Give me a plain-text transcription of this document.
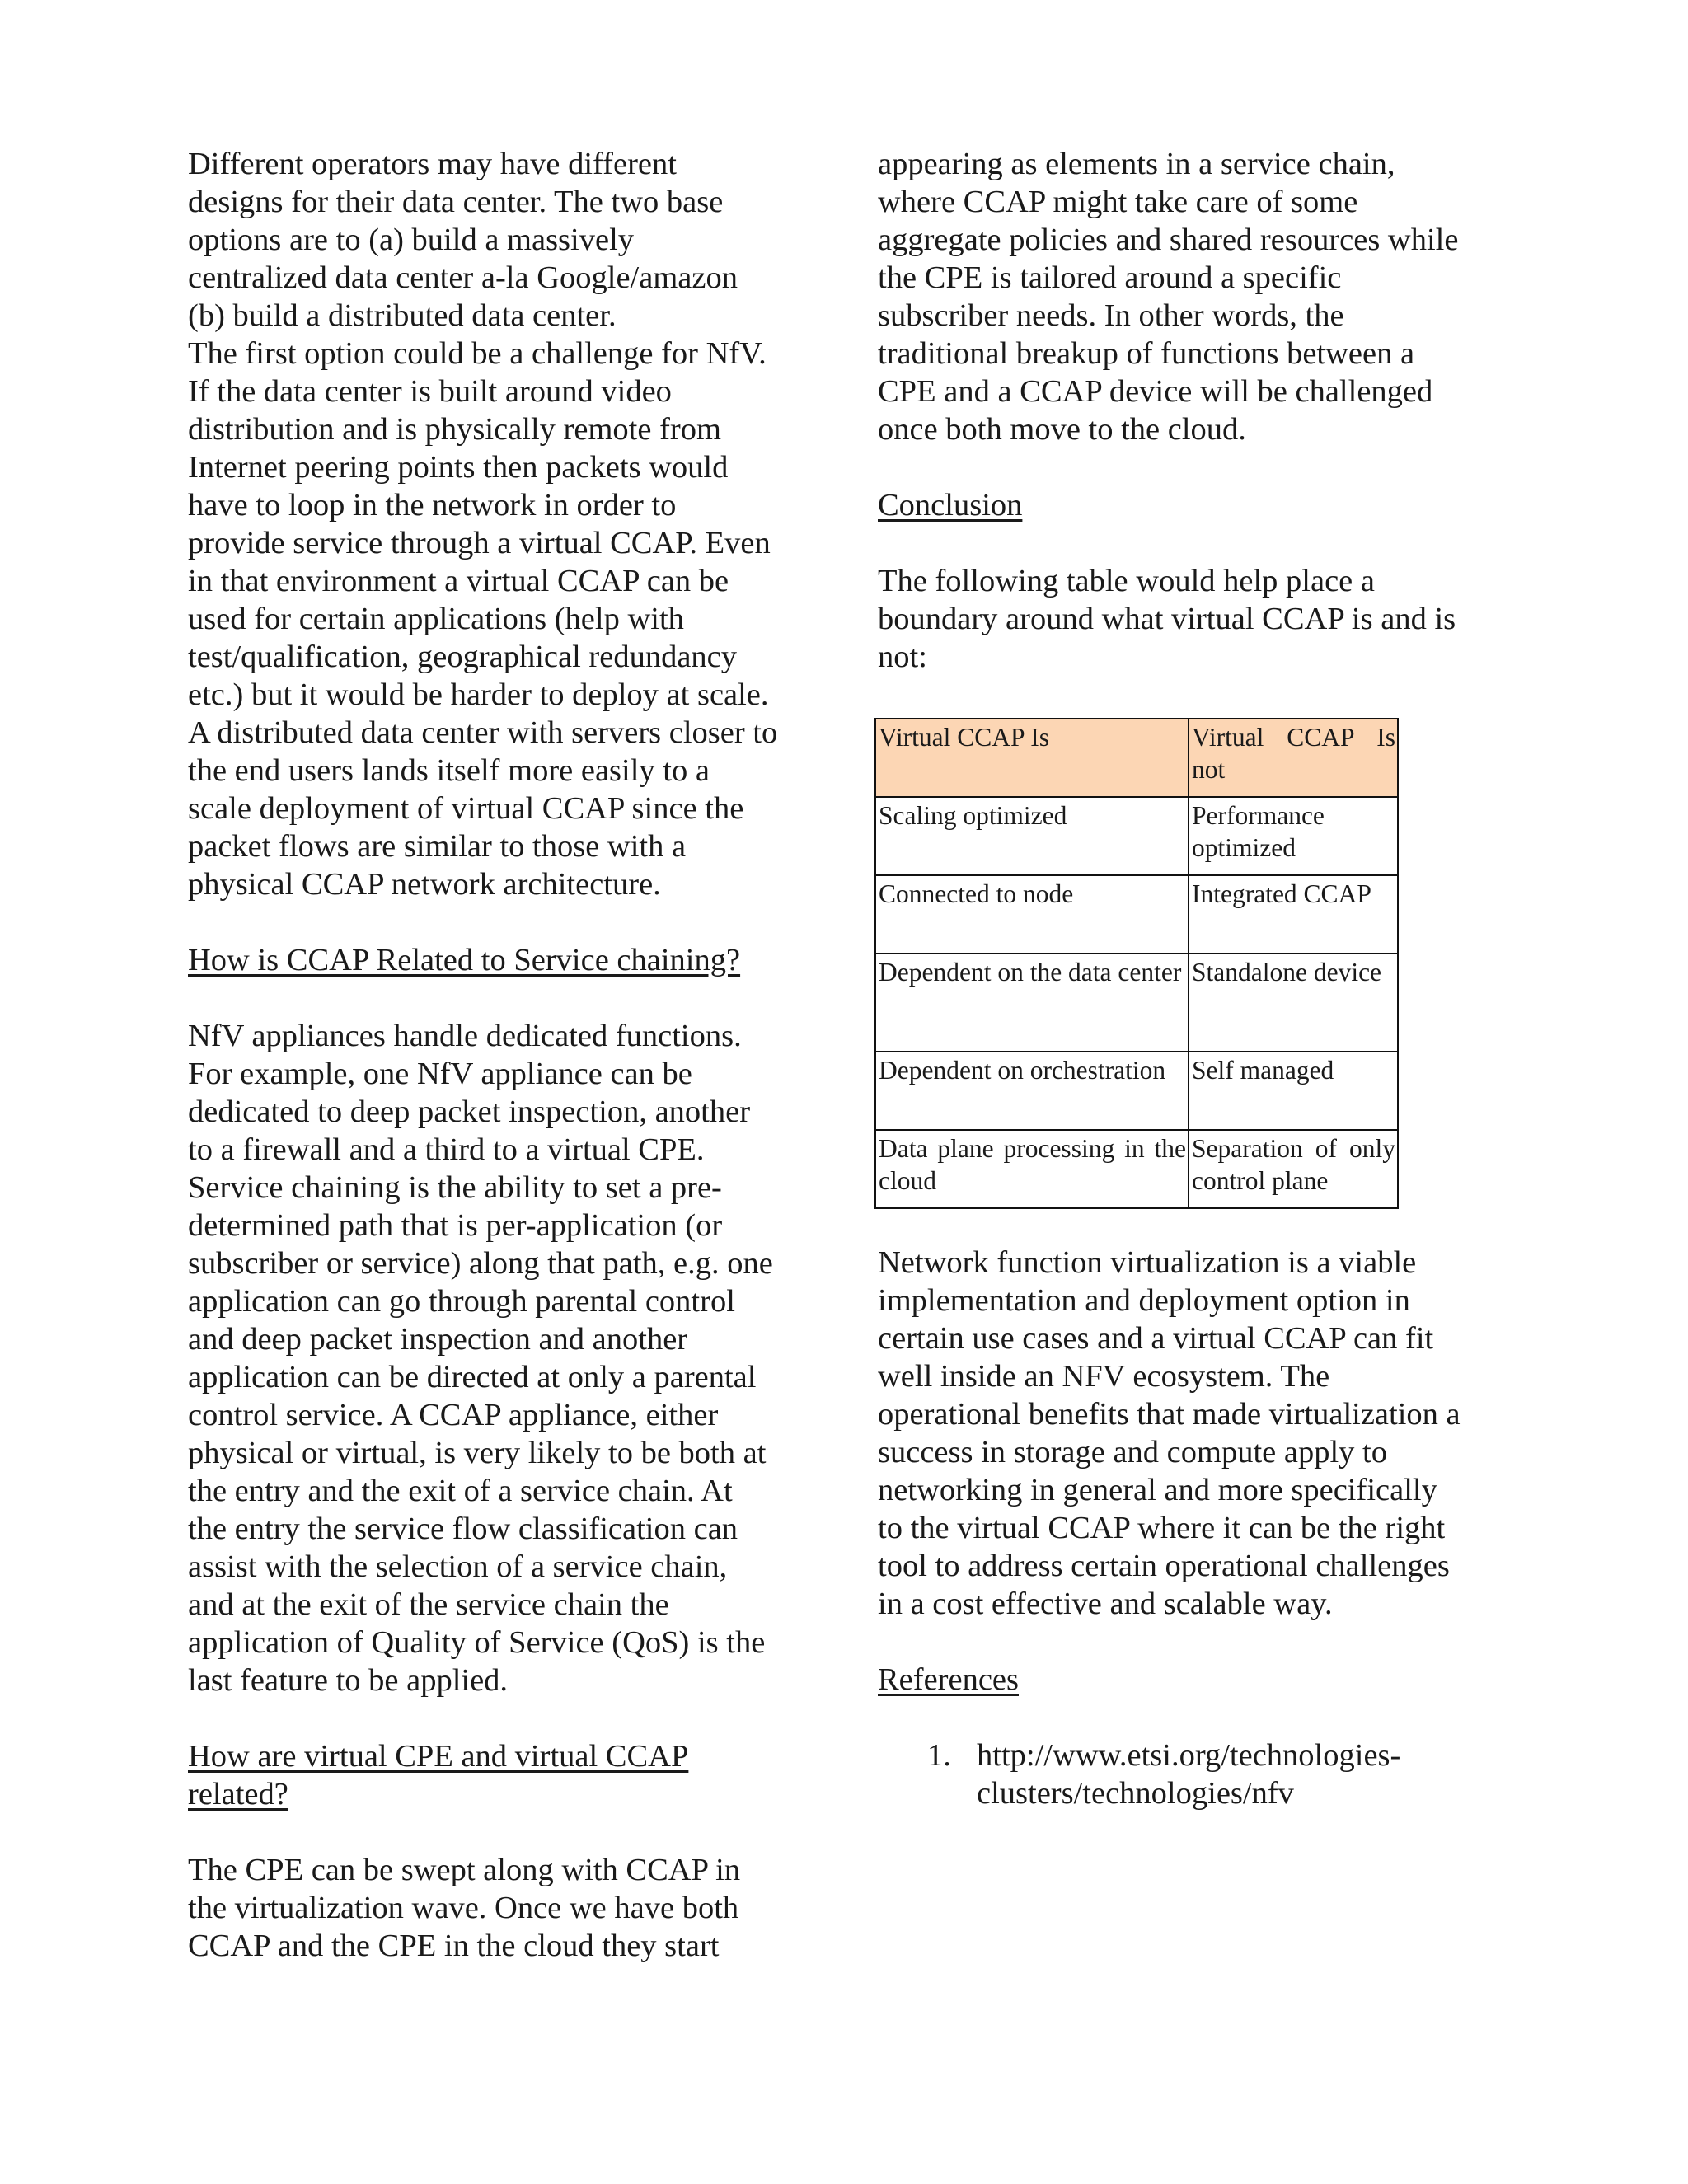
Different operators may have different
designs for their data center. The two base
options are to (a) build a massively
centralized data center a-la Google/amazon
(b) build a distributed data center.
The first option could be a challenge for NfV.
If the data center is built around video
distribution and is physically remote from
Internet peering points then packets would
have to loop in the network in order to
provide service through a virtual CCAP. Even
in that environment a virtual CCAP can be
used for certain applications (help with
test/qualification, geographical redundancy
etc.) but it would be harder to deploy at scale.
A distributed data center with servers closer to
the end users lands itself more easily to a
scale deployment of virtual CCAP since the
packet flows are similar to those with a
physical CCAP network architecture.

How is CCAP Related to Service chaining?

NfV appliances handle dedicated functions.
For example, one NfV appliance can be
dedicated to deep packet inspection, another
to a firewall and a third to a virtual CPE.
Service chaining is the ability to set a pre-
determined path that is per-application (or
subscriber or service) along that path, e.g. one
application can go through parental control
and deep packet inspection and another
application can be directed at only a parental
control service. A CCAP appliance, either
physical or virtual, is very likely to be both at
the entry and the exit of a service chain. At
the entry the service flow classification can
assist with the selection of a service chain,
and at the exit of the service chain the
application of Quality of Service (QoS) is the
last feature to be applied.

How are virtual CPE and virtual CCAP
related?

The CPE can be swept along with CCAP in
the virtualization wave. Once we have both
CCAP and the CPE in the cloud they start

appearing as elements in a service chain,
where CCAP might take care of some
aggregate policies and shared resources while
the CPE is tailored around a specific
subscriber needs. In other words, the
traditional breakup of functions between a
CPE and a CCAP device will be challenged
once both move to the cloud.

Conclusion

The following table would help place a
boundary around what virtual CCAP is and is
not:

Virtual CCAP Is	Virtual CCAP Is not
Scaling optimized	Performance optimized
Connected to node	Integrated CCAP
Dependent on the data center	Standalone device
Dependent on orchestration	Self managed
Data plane processing in the cloud	Separation of only control plane

Network function virtualization is a viable
implementation and deployment option in
certain use cases and a virtual CCAP can fit
well inside an NFV ecosystem. The
operational benefits that made virtualization a
success in storage and compute apply to
networking in general and more specifically
to the virtual CCAP where it can be the right
tool to address certain operational challenges
in a cost effective and scalable way.

References

1. http://www.etsi.org/technologies-
clusters/technologies/nfv
